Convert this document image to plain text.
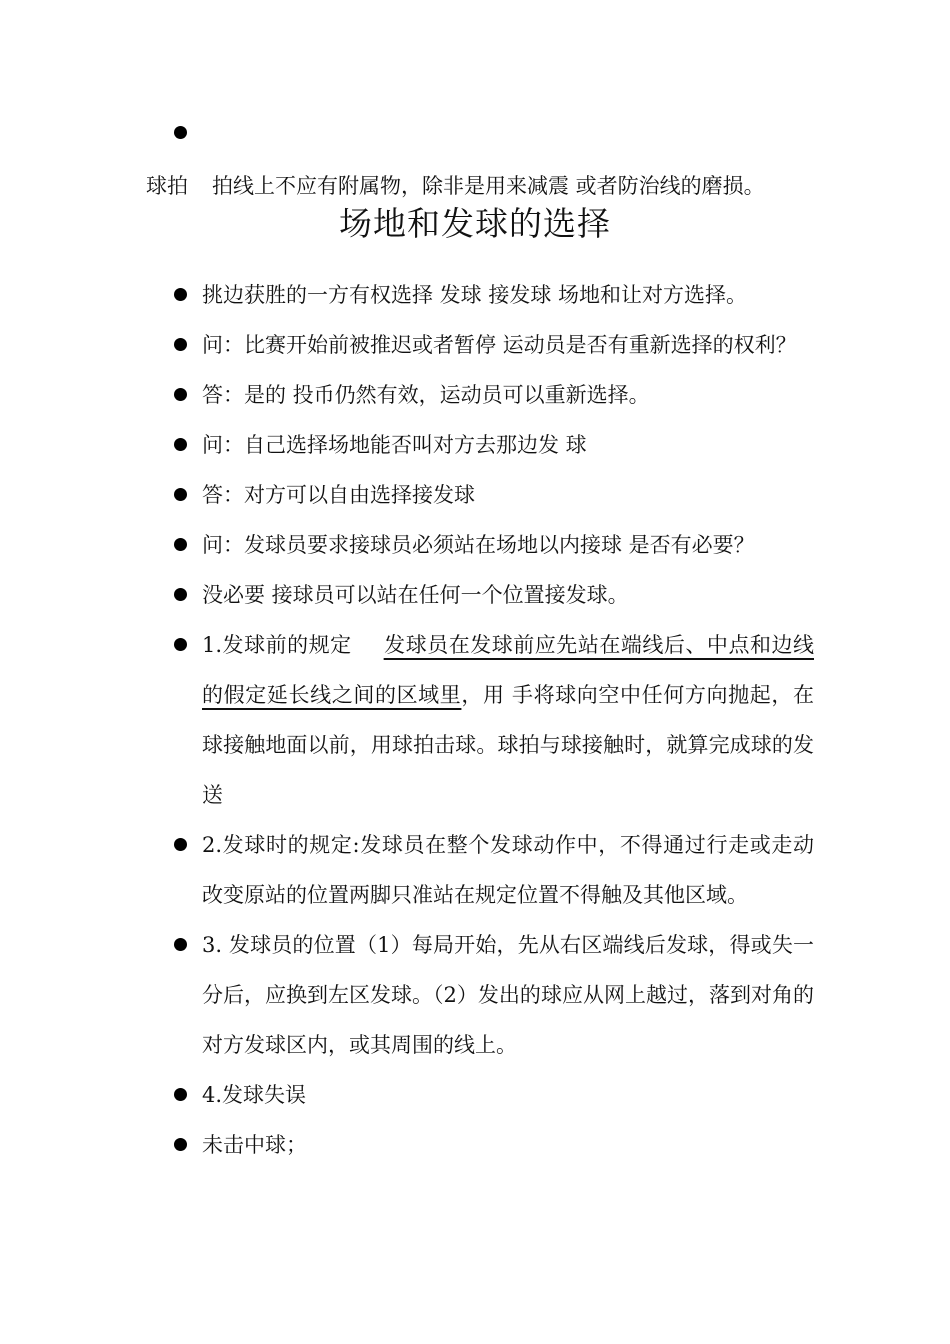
球拍 拍线上不应有附属物，除非是用来减震 或者防治线的磨损。
场地和发球的选择
挑边获胜的一方有权选择 发球 接发球 场地和让对方选择。
问：比赛开始前被推迟或者暂停 运动员是否有重新选择的权利？
答：是的 投币仍然有效，运动员可以重新选择。
问：自己选择场地能否叫对方去那边发 球
答：对方可以自由选择接发球
问：发球员要求接球员必须站在场地以内接球 是否有必要？
没必要 接球员可以站在任何一个位置接发球。
1.发球前的规定 发球员在发球前应先站在端线后、中点和边线的假定延长线之间的区域里，用 手将球向空中任何方向抛起，在球接触地面以前，用球拍击球。球拍与球接触时，就算完成球的发送
2.发球时的规定:发球员在整个发球动作中，不得通过行走或走动改变原站的位置两脚只准站在规定位置不得触及其他区域。
3. 发球员的位置（1）每局开始，先从右区端线后发球，得或失一分后，应换到左区发球。（2）发出的球应从网上越过，落到对角的对方发球区内，或其周围的线上。
4.发球失误
未击中球；
